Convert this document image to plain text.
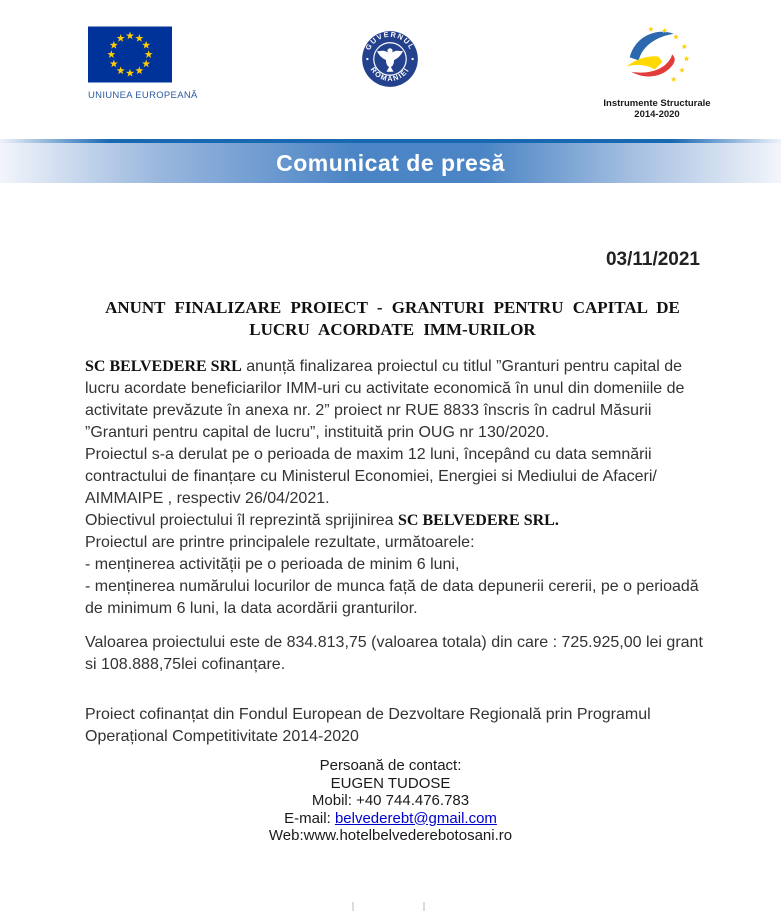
UNIUNEA EUROPEANĂ
GUVERNUL
ROMÂNIEI
Instrumente Structurale
2014-2020
Comunicat de presă
03/11/2021
ANUNT FINALIZARE PROIECT - GRANTURI PENTRU CAPITAL DE LUCRU ACORDATE IMM-URILOR

SC BELVEDERE SRL anunță finalizarea proiectul cu titlul ”Granturi pentru capital de lucru acordate beneficiarilor IMM-uri cu activitate economică în unul din domeniile de activitate prevăzute în anexa nr. 2” proiect nr RUE 8833 înscris în cadrul Măsurii ”Granturi pentru capital de lucru”, instituită prin OUG nr 130/2020.

Proiectul s-a derulat pe o perioada de maxim 12 luni, începând cu data semnării contractului de finanțare cu Ministerul Economiei, Energiei si Mediului de Afaceri/ AIMMAIPE , respectiv 26/04/2021.

Obiectivul proiectului îl reprezintă sprijinirea SC BELVEDERE SRL.

Proiectul are printre principalele rezultate, următoarele:

- menținerea activității pe o perioada de minim 6 luni,

- menținerea numărului locurilor de munca față de data depunerii cererii, pe o perioadă de minimum 6 luni, la data acordării granturilor.

Valoarea proiectului este de 834.813,75 (valoarea totala) din care : 725.925,00 lei grant si 108.888,75lei cofinanțare.

Proiect cofinanțat din Fondul European de Dezvoltare Regională prin Programul Operațional Competitivitate 2014-2020

Persoană de contact:
EUGEN TUDOSE
Mobil: +40 744.476.783
E-mail: belvederebt@gmail.com
Web:www.hotelbelvederebotosani.ro
